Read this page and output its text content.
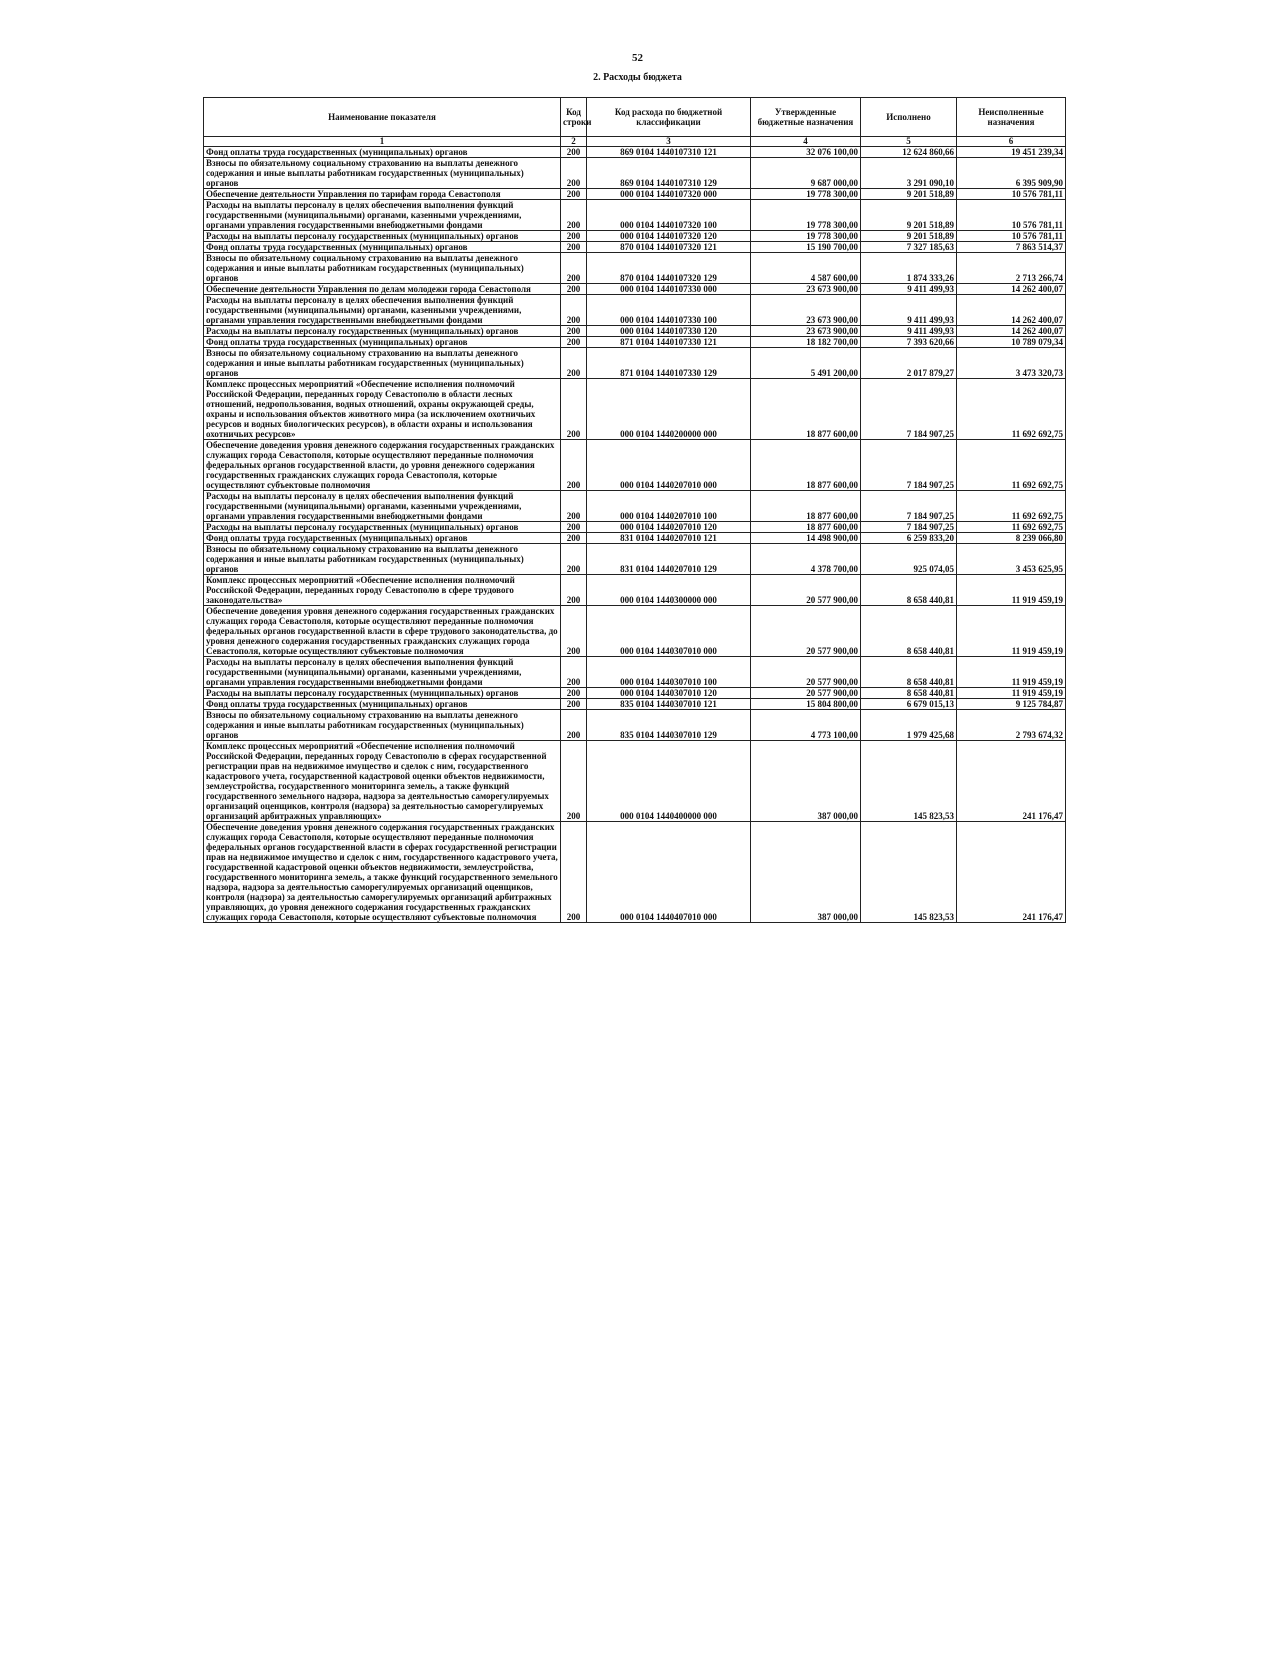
52
2. Расходы бюджета
Наименование показателя	Код строки	Код расхода по бюджетной классификации	Утвержденные бюджетные назначения	Исполнено	Неисполненные назначения
1	2	3	4	5	6
Фонд оплаты труда государственных (муниципальных) органов	200	869 0104 1440107310 121	32 076 100,00	12 624 860,66	19 451 239,34
Взносы по обязательному социальному страхованию на выплаты денежного содержания и иные выплаты работникам государственных (муниципальных) органов	200	869 0104 1440107310 129	9 687 000,00	3 291 090,10	6 395 909,90
Обеспечение деятельности Управления по тарифам города Севастополя	200	000 0104 1440107320 000	19 778 300,00	9 201 518,89	10 576 781,11
Расходы на выплаты персоналу в целях обеспечения выполнения функций государственными (муниципальными) органами, казенными учреждениями, органами управления государственными внебюджетными фондами	200	000 0104 1440107320 100	19 778 300,00	9 201 518,89	10 576 781,11
Расходы на выплаты персоналу государственных (муниципальных) органов	200	000 0104 1440107320 120	19 778 300,00	9 201 518,89	10 576 781,11
Фонд оплаты труда государственных (муниципальных) органов	200	870 0104 1440107320 121	15 190 700,00	7 327 185,63	7 863 514,37
Взносы по обязательному социальному страхованию на выплаты денежного содержания и иные выплаты работникам государственных (муниципальных) органов	200	870 0104 1440107320 129	4 587 600,00	1 874 333,26	2 713 266,74
Обеспечение деятельности Управления по делам молодежи города Севастополя	200	000 0104 1440107330 000	23 673 900,00	9 411 499,93	14 262 400,07
Расходы на выплаты персоналу в целях обеспечения выполнения функций государственными (муниципальными) органами, казенными учреждениями, органами управления государственными внебюджетными фондами	200	000 0104 1440107330 100	23 673 900,00	9 411 499,93	14 262 400,07
Расходы на выплаты персоналу государственных (муниципальных) органов	200	000 0104 1440107330 120	23 673 900,00	9 411 499,93	14 262 400,07
Фонд оплаты труда государственных (муниципальных) органов	200	871 0104 1440107330 121	18 182 700,00	7 393 620,66	10 789 079,34
Взносы по обязательному социальному страхованию на выплаты денежного содержания и иные выплаты работникам государственных (муниципальных) органов	200	871 0104 1440107330 129	5 491 200,00	2 017 879,27	3 473 320,73
Комплекс процессных мероприятий «Обеспечение исполнения полномочий Российской Федерации, переданных городу Севастополю в области лесных отношений, недропользования, водных отношений, охраны окружающей среды, охраны и использования объектов животного мира (за исключением охотничьих ресурсов и водных биологических ресурсов), в области охраны и использования охотничьих ресурсов»	200	000 0104 1440200000 000	18 877 600,00	7 184 907,25	11 692 692,75
Обеспечение доведения уровня денежного содержания государственных гражданских служащих города Севастополя, которые осуществляют переданные полномочия федеральных органов государственной власти, до уровня денежного содержания государственных гражданских служащих города Севастополя, которые осуществляют субъектовые полномочия	200	000 0104 1440207010 000	18 877 600,00	7 184 907,25	11 692 692,75
Расходы на выплаты персоналу в целях обеспечения выполнения функций государственными (муниципальными) органами, казенными учреждениями, органами управления государственными внебюджетными фондами	200	000 0104 1440207010 100	18 877 600,00	7 184 907,25	11 692 692,75
Расходы на выплаты персоналу государственных (муниципальных) органов	200	000 0104 1440207010 120	18 877 600,00	7 184 907,25	11 692 692,75
Фонд оплаты труда государственных (муниципальных) органов	200	831 0104 1440207010 121	14 498 900,00	6 259 833,20	8 239 066,80
Взносы по обязательному социальному страхованию на выплаты денежного содержания и иные выплаты работникам государственных (муниципальных) органов	200	831 0104 1440207010 129	4 378 700,00	925 074,05	3 453 625,95
Комплекс процессных мероприятий «Обеспечение исполнения полномочий Российской Федерации, переданных городу Севастополю в сфере трудового законодательства»	200	000 0104 1440300000 000	20 577 900,00	8 658 440,81	11 919 459,19
Обеспечение доведения уровня денежного содержания государственных гражданских служащих города Севастополя, которые осуществляют переданные полномочия федеральных органов государственной власти в сфере трудового законодательства, до уровня денежного содержания государственных гражданских служащих города Севастополя, которые осуществляют субъектовые полномочия	200	000 0104 1440307010 000	20 577 900,00	8 658 440,81	11 919 459,19
Расходы на выплаты персоналу в целях обеспечения выполнения функций государственными (муниципальными) органами, казенными учреждениями, органами управления государственными внебюджетными фондами	200	000 0104 1440307010 100	20 577 900,00	8 658 440,81	11 919 459,19
Расходы на выплаты персоналу государственных (муниципальных) органов	200	000 0104 1440307010 120	20 577 900,00	8 658 440,81	11 919 459,19
Фонд оплаты труда государственных (муниципальных) органов	200	835 0104 1440307010 121	15 804 800,00	6 679 015,13	9 125 784,87
Взносы по обязательному социальному страхованию на выплаты денежного содержания и иные выплаты работникам государственных (муниципальных) органов	200	835 0104 1440307010 129	4 773 100,00	1 979 425,68	2 793 674,32
Комплекс процессных мероприятий «Обеспечение исполнения полномочий Российской Федерации, переданных городу Севастополю в сферах государственной регистрации прав на недвижимое имущество и сделок с ним, государственного кадастрового учета, государственной кадастровой оценки объектов недвижимости, землеустройства, государственного мониторинга земель, а также функций государственного земельного надзора, надзора за деятельностью саморегулируемых организаций оценщиков, контроля (надзора) за деятельностью саморегулируемых организаций арбитражных управляющих»	200	000 0104 1440400000 000	387 000,00	145 823,53	241 176,47
Обеспечение доведения уровня денежного содержания государственных гражданских служащих города Севастополя, которые осуществляют переданные полномочия федеральных органов государственной власти в сферах государственной регистрации прав на недвижимое имущество и сделок с ним, государственного кадастрового учета, государственной кадастровой оценки объектов недвижимости, землеустройства, государственного мониторинга земель, а также функций государственного земельного надзора, надзора за деятельностью саморегулируемых организаций оценщиков, контроля (надзора) за деятельностью саморегулируемых организаций арбитражных управляющих, до уровня денежного содержания государственных гражданских служащих города Севастополя, которые осуществляют субъектовые полномочия	200	000 0104 1440407010 000	387 000,00	145 823,53	241 176,47
